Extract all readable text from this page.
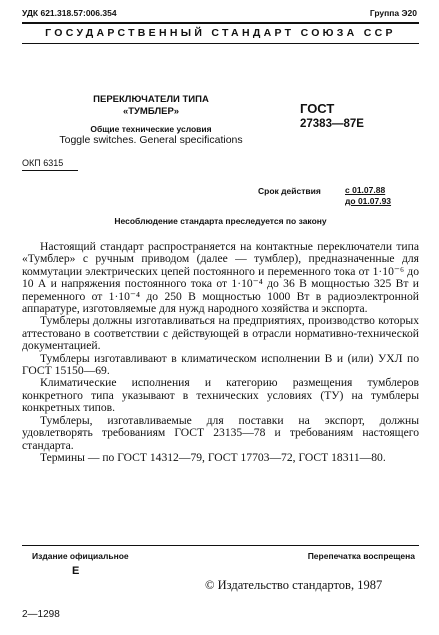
УДК 621.318.57:006.354	Группа Э20
ГОСУДАРСТВЕННЫЙ СТАНДАРТ СОЮЗА ССР
ПЕРЕКЛЮЧАТЕЛИ ТИПА
«ТУМБЛЕР»
Общие технические условия
Toggle switches. General specifications
ГОСТ
27383—87Е
ОКП 6315
Срок действия	с 01.07.88
до 01.07.93
Несоблюдение стандарта преследуется по закону

Настоящий стандарт распространяется на контактные переключатели типа «Тумблер» с ручным приводом (далее — тумблер), предназначенные для коммутации электрических цепей постоянного и переменного тока от 1·10⁻⁶ до 10 А и напряжения постоянного тока от 1·10⁻⁴ до 36 В мощностью 325 Вт и переменного от 1·10⁻⁴ до 250 В мощностью 1000 Вт в радиоэлектронной аппаратуре, изготовляемые для нужд народного хозяйства и экспорта.

Тумблеры должны изготавливаться на предприятиях, производство которых аттестовано в соответствии с действующей в отрасли нормативно-технической документацией.

Тумблеры изготавливают в климатическом исполнении В и (или) УХЛ по ГОСТ 15150—69.

Климатические исполнения и категорию размещения тумблеров конкретного типа указывают в технических условиях (ТУ) на тумблеры конкретных типов.

Тумблеры, изготавливаемые для поставки на экспорт, должны удовлетворять требованиям ГОСТ 23135—78 и требованиям настоящего стандарта.

Термины — по ГОСТ 14312—79, ГОСТ 17703—72, ГОСТ 18311—80.

Издание официальное	Перепечатка воспрещена
E
© Издательство стандартов, 1987
2—1298
